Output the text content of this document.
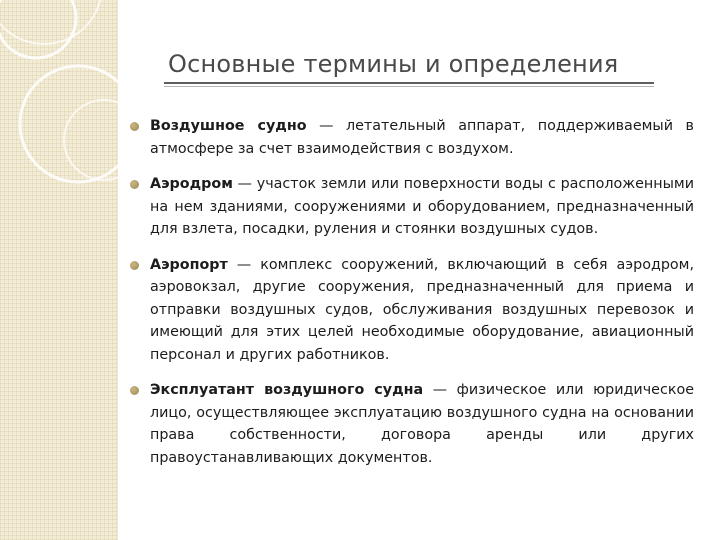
Основные термины и определения
Воздушное судно — летательный аппарат, поддерживаемый в атмосфере за счет взаимодействия с воздухом.
Аэродром — участок земли или поверхности воды с расположенными на нем зданиями, сооружениями и оборудованием, предназначенный для взлета, посадки, руления и стоянки воздушных судов.
Аэропорт — комплекс сооружений, включающий в себя аэродром, аэровокзал, другие сооружения, предназначенный для приема и отправки воздушных судов, обслуживания воздушных перевозок и имеющий для этих целей необходимые оборудование, авиационный персонал и других работников.
Эксплуатант воздушного судна — физическое или юридическое лицо, осуществляющее эксплуатацию воздушного судна на основании права собственности, договора аренды или других правоустанавливающих документов.
